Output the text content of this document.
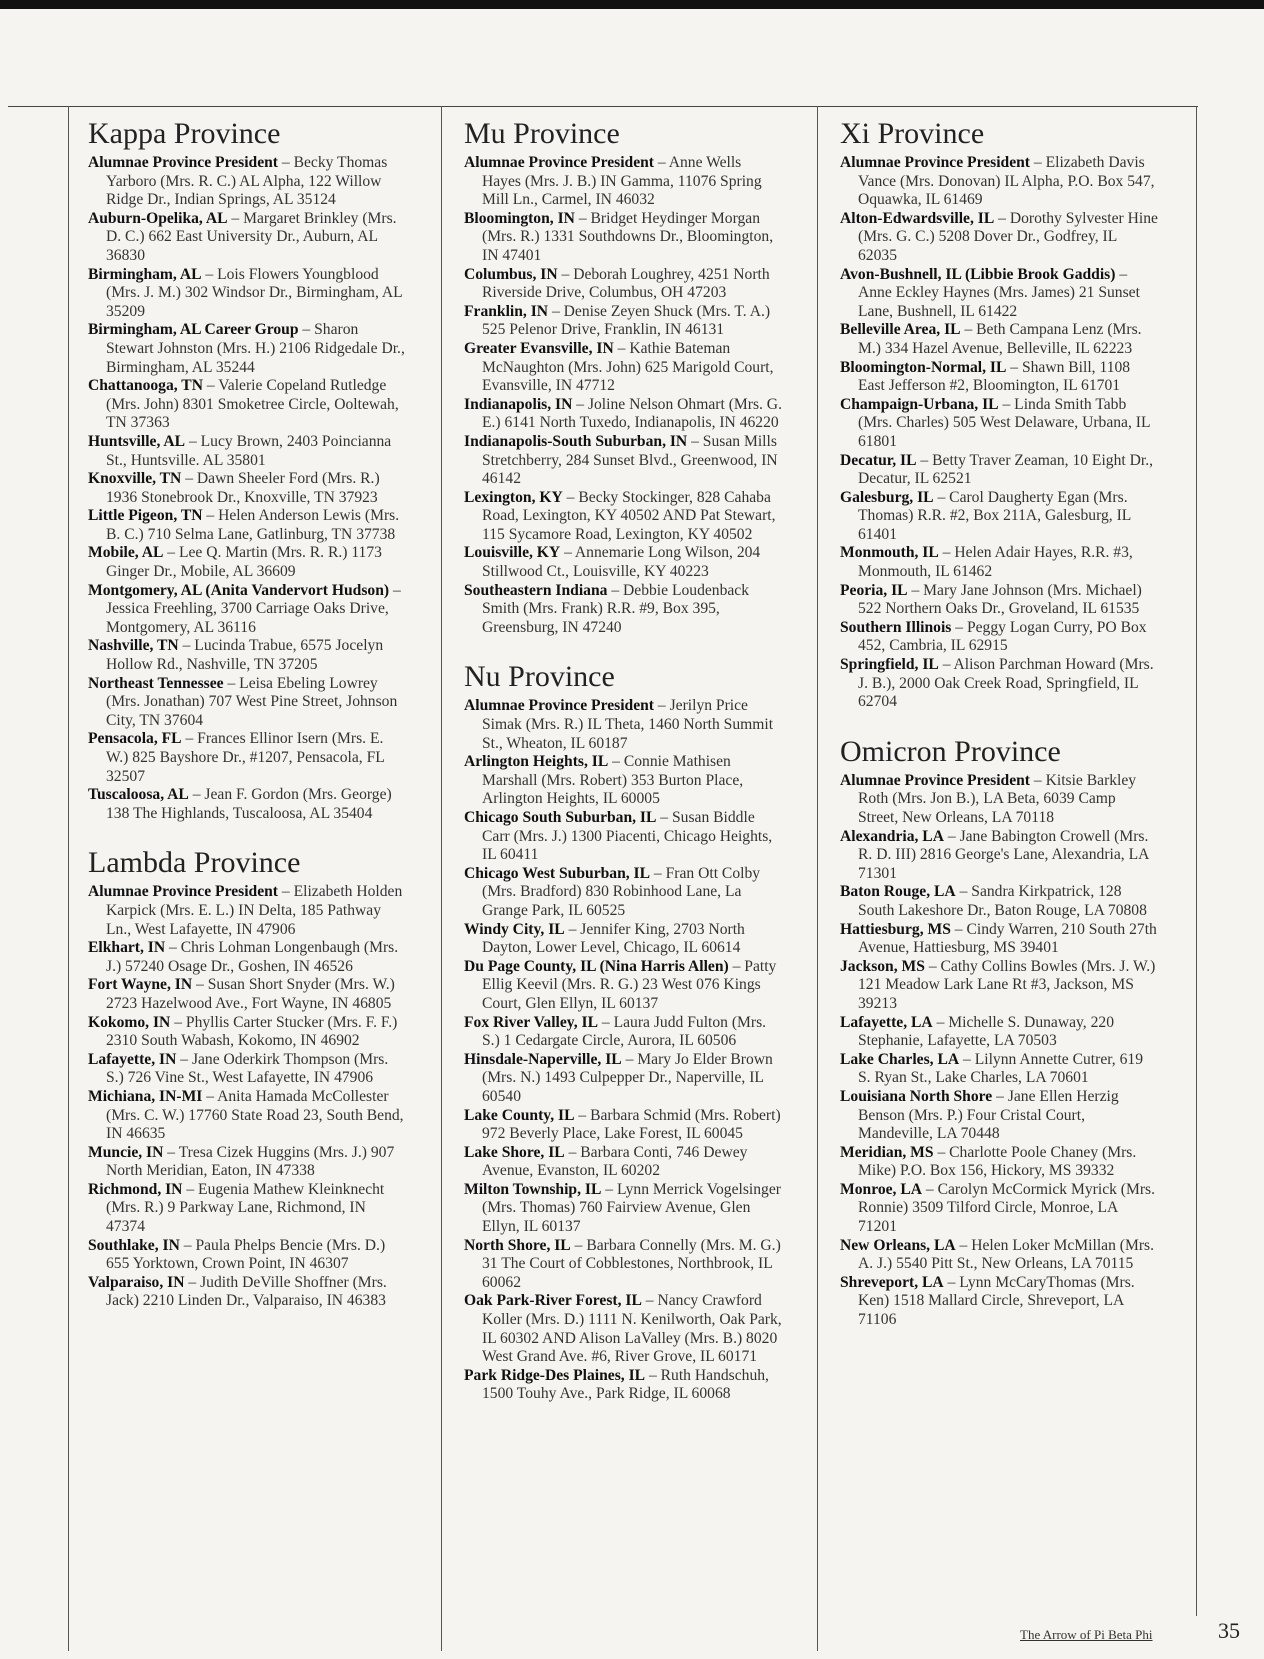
Kappa Province

Alumnae Province President – Becky Thomas Yarboro (Mrs. R. C.) AL Alpha, 122 Willow Ridge Dr., Indian Springs, AL 35124

Auburn-Opelika, AL – Margaret Brinkley (Mrs. D. C.) 662 East University Dr., Auburn, AL 36830

Birmingham, AL – Lois Flowers Youngblood (Mrs. J. M.) 302 Windsor Dr., Birmingham, AL 35209

Birmingham, AL Career Group – Sharon Stewart Johnston (Mrs. H.) 2106 Ridgedale Dr., Birmingham, AL 35244

Chattanooga, TN – Valerie Copeland Rutledge (Mrs. John) 8301 Smoketree Circle, Ooltewah, TN 37363

Huntsville, AL – Lucy Brown, 2403 Poincianna St., Huntsville. AL 35801

Knoxville, TN – Dawn Sheeler Ford (Mrs. R.) 1936 Stonebrook Dr., Knoxville, TN 37923

Little Pigeon, TN – Helen Anderson Lewis (Mrs. B. C.) 710 Selma Lane, Gatlinburg, TN 37738

Mobile, AL – Lee Q. Martin (Mrs. R. R.) 1173 Ginger Dr., Mobile, AL 36609

Montgomery, AL (Anita Vandervort Hudson) – Jessica Freehling, 3700 Carriage Oaks Drive, Montgomery, AL 36116

Nashville, TN – Lucinda Trabue, 6575 Jocelyn Hollow Rd., Nashville, TN 37205

Northeast Tennessee – Leisa Ebeling Lowrey (Mrs. Jonathan) 707 West Pine Street, Johnson City, TN 37604

Pensacola, FL – Frances Ellinor Isern (Mrs. E. W.) 825 Bayshore Dr., #1207, Pensacola, FL 32507

Tuscaloosa, AL – Jean F. Gordon (Mrs. George) 138 The Highlands, Tuscaloosa, AL 35404

Lambda Province

Alumnae Province President – Elizabeth Holden Karpick (Mrs. E. L.) IN Delta, 185 Pathway Ln., West Lafayette, IN 47906

Elkhart, IN – Chris Lohman Longenbaugh (Mrs. J.) 57240 Osage Dr., Goshen, IN 46526

Fort Wayne, IN – Susan Short Snyder (Mrs. W.) 2723 Hazelwood Ave., Fort Wayne, IN 46805

Kokomo, IN – Phyllis Carter Stucker (Mrs. F. F.) 2310 South Wabash, Kokomo, IN 46902

Lafayette, IN – Jane Oderkirk Thompson (Mrs. S.) 726 Vine St., West Lafayette, IN 47906

Michiana, IN-MI – Anita Hamada McCollester (Mrs. C. W.) 17760 State Road 23, South Bend, IN 46635

Muncie, IN – Tresa Cizek Huggins (Mrs. J.) 907 North Meridian, Eaton, IN 47338

Richmond, IN – Eugenia Mathew Kleinknecht (Mrs. R.) 9 Parkway Lane, Richmond, IN 47374

Southlake, IN – Paula Phelps Bencie (Mrs. D.) 655 Yorktown, Crown Point, IN 46307

Valparaiso, IN – Judith DeVille Shoffner (Mrs. Jack) 2210 Linden Dr., Valparaiso, IN 46383

Mu Province

Alumnae Province President – Anne Wells Hayes (Mrs. J. B.) IN Gamma, 11076 Spring Mill Ln., Carmel, IN 46032

Bloomington, IN – Bridget Heydinger Morgan (Mrs. R.) 1331 Southdowns Dr., Bloomington, IN 47401

Columbus, IN – Deborah Loughrey, 4251 North Riverside Drive, Columbus, OH 47203

Franklin, IN – Denise Zeyen Shuck (Mrs. T. A.) 525 Pelenor Drive, Franklin, IN 46131

Greater Evansville, IN – Kathie Bateman McNaughton (Mrs. John) 625 Marigold Court, Evansville, IN 47712

Indianapolis, IN – Joline Nelson Ohmart (Mrs. G. E.) 6141 North Tuxedo, Indianapolis, IN 46220

Indianapolis-South Suburban, IN – Susan Mills Stretchberry, 284 Sunset Blvd., Greenwood, IN 46142

Lexington, KY – Becky Stockinger, 828 Cahaba Road, Lexington, KY 40502 AND Pat Stewart, 115 Sycamore Road, Lexington, KY 40502

Louisville, KY – Annemarie Long Wilson, 204 Stillwood Ct., Louisville, KY 40223

Southeastern Indiana – Debbie Loudenback Smith (Mrs. Frank) R.R. #9, Box 395, Greensburg, IN 47240

Nu Province

Alumnae Province President – Jerilyn Price Simak (Mrs. R.) IL Theta, 1460 North Summit St., Wheaton, IL 60187

Arlington Heights, IL – Connie Mathisen Marshall (Mrs. Robert) 353 Burton Place, Arlington Heights, IL 60005

Chicago South Suburban, IL – Susan Biddle Carr (Mrs. J.) 1300 Piacenti, Chicago Heights, IL 60411

Chicago West Suburban, IL – Fran Ott Colby (Mrs. Bradford) 830 Robinhood Lane, La Grange Park, IL 60525

Windy City, IL – Jennifer King, 2703 North Dayton, Lower Level, Chicago, IL 60614

Du Page County, IL (Nina Harris Allen) – Patty Ellig Keevil (Mrs. R. G.) 23 West 076 Kings Court, Glen Ellyn, IL 60137

Fox River Valley, IL – Laura Judd Fulton (Mrs. S.) 1 Cedargate Circle, Aurora, IL 60506

Hinsdale-Naperville, IL – Mary Jo Elder Brown (Mrs. N.) 1493 Culpepper Dr., Naperville, IL 60540

Lake County, IL – Barbara Schmid (Mrs. Robert) 972 Beverly Place, Lake Forest, IL 60045

Lake Shore, IL – Barbara Conti, 746 Dewey Avenue, Evanston, IL 60202

Milton Township, IL – Lynn Merrick Vogelsinger (Mrs. Thomas) 760 Fairview Avenue, Glen Ellyn, IL 60137

North Shore, IL – Barbara Connelly (Mrs. M. G.) 31 The Court of Cobblestones, Northbrook, IL 60062

Oak Park-River Forest, IL – Nancy Crawford Koller (Mrs. D.) 1111 N. Kenilworth, Oak Park, IL 60302 AND Alison LaValley (Mrs. B.) 8020 West Grand Ave. #6, River Grove, IL 60171

Park Ridge-Des Plaines, IL – Ruth Handschuh, 1500 Touhy Ave., Park Ridge, IL 60068

Xi Province

Alumnae Province President – Elizabeth Davis Vance (Mrs. Donovan) IL Alpha, P.O. Box 547, Oquawka, IL 61469

Alton-Edwardsville, IL – Dorothy Sylvester Hine (Mrs. G. C.) 5208 Dover Dr., Godfrey, IL 62035

Avon-Bushnell, IL (Libbie Brook Gaddis) – Anne Eckley Haynes (Mrs. James) 21 Sunset Lane, Bushnell, IL 61422

Belleville Area, IL – Beth Campana Lenz (Mrs. M.) 334 Hazel Avenue, Belleville, IL 62223

Bloomington-Normal, IL – Shawn Bill, 1108 East Jefferson #2, Bloomington, IL 61701

Champaign-Urbana, IL – Linda Smith Tabb (Mrs. Charles) 505 West Delaware, Urbana, IL 61801

Decatur, IL – Betty Traver Zeaman, 10 Eight Dr., Decatur, IL 62521

Galesburg, IL – Carol Daugherty Egan (Mrs. Thomas) R.R. #2, Box 211A, Galesburg, IL 61401

Monmouth, IL – Helen Adair Hayes, R.R. #3, Monmouth, IL 61462

Peoria, IL – Mary Jane Johnson (Mrs. Michael) 522 Northern Oaks Dr., Groveland, IL 61535

Southern Illinois – Peggy Logan Curry, PO Box 452, Cambria, IL 62915

Springfield, IL – Alison Parchman Howard (Mrs. J. B.), 2000 Oak Creek Road, Springfield, IL 62704

Omicron Province

Alumnae Province President – Kitsie Barkley Roth (Mrs. Jon B.), LA Beta, 6039 Camp Street, New Orleans, LA 70118

Alexandria, LA – Jane Babington Crowell (Mrs. R. D. III) 2816 George's Lane, Alexandria, LA 71301

Baton Rouge, LA – Sandra Kirkpatrick, 128 South Lakeshore Dr., Baton Rouge, LA 70808

Hattiesburg, MS – Cindy Warren, 210 South 27th Avenue, Hattiesburg, MS 39401

Jackson, MS – Cathy Collins Bowles (Mrs. J. W.) 121 Meadow Lark Lane Rt #3, Jackson, MS 39213

Lafayette, LA – Michelle S. Dunaway, 220 Stephanie, Lafayette, LA 70503

Lake Charles, LA – Lilynn Annette Cutrer, 619 S. Ryan St., Lake Charles, LA 70601

Louisiana North Shore – Jane Ellen Herzig Benson (Mrs. P.) Four Cristal Court, Mandeville, LA 70448

Meridian, MS – Charlotte Poole Chaney (Mrs. Mike) P.O. Box 156, Hickory, MS 39332

Monroe, LA – Carolyn McCormick Myrick (Mrs. Ronnie) 3509 Tilford Circle, Monroe, LA 71201

New Orleans, LA – Helen Loker McMillan (Mrs. A. J.) 5540 Pitt St., New Orleans, LA 70115

Shreveport, LA – Lynn McCaryThomas (Mrs. Ken) 1518 Mallard Circle, Shreveport, LA 71106

The Arrow of Pi Beta Phi	35
